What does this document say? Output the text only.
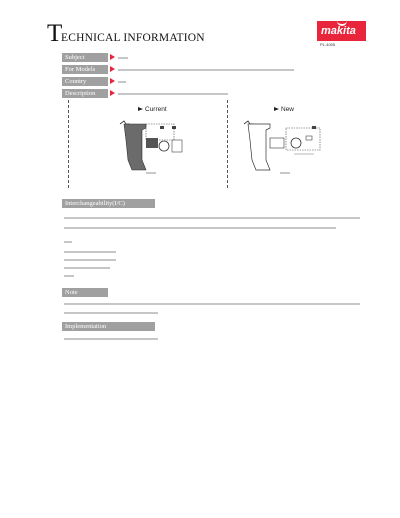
T
ECHNICAL INFORMATION
makita
PL-4005
Subject
For Models
Country
Description
Current	New
Interchangeability(I/C)
Note
Implementation
